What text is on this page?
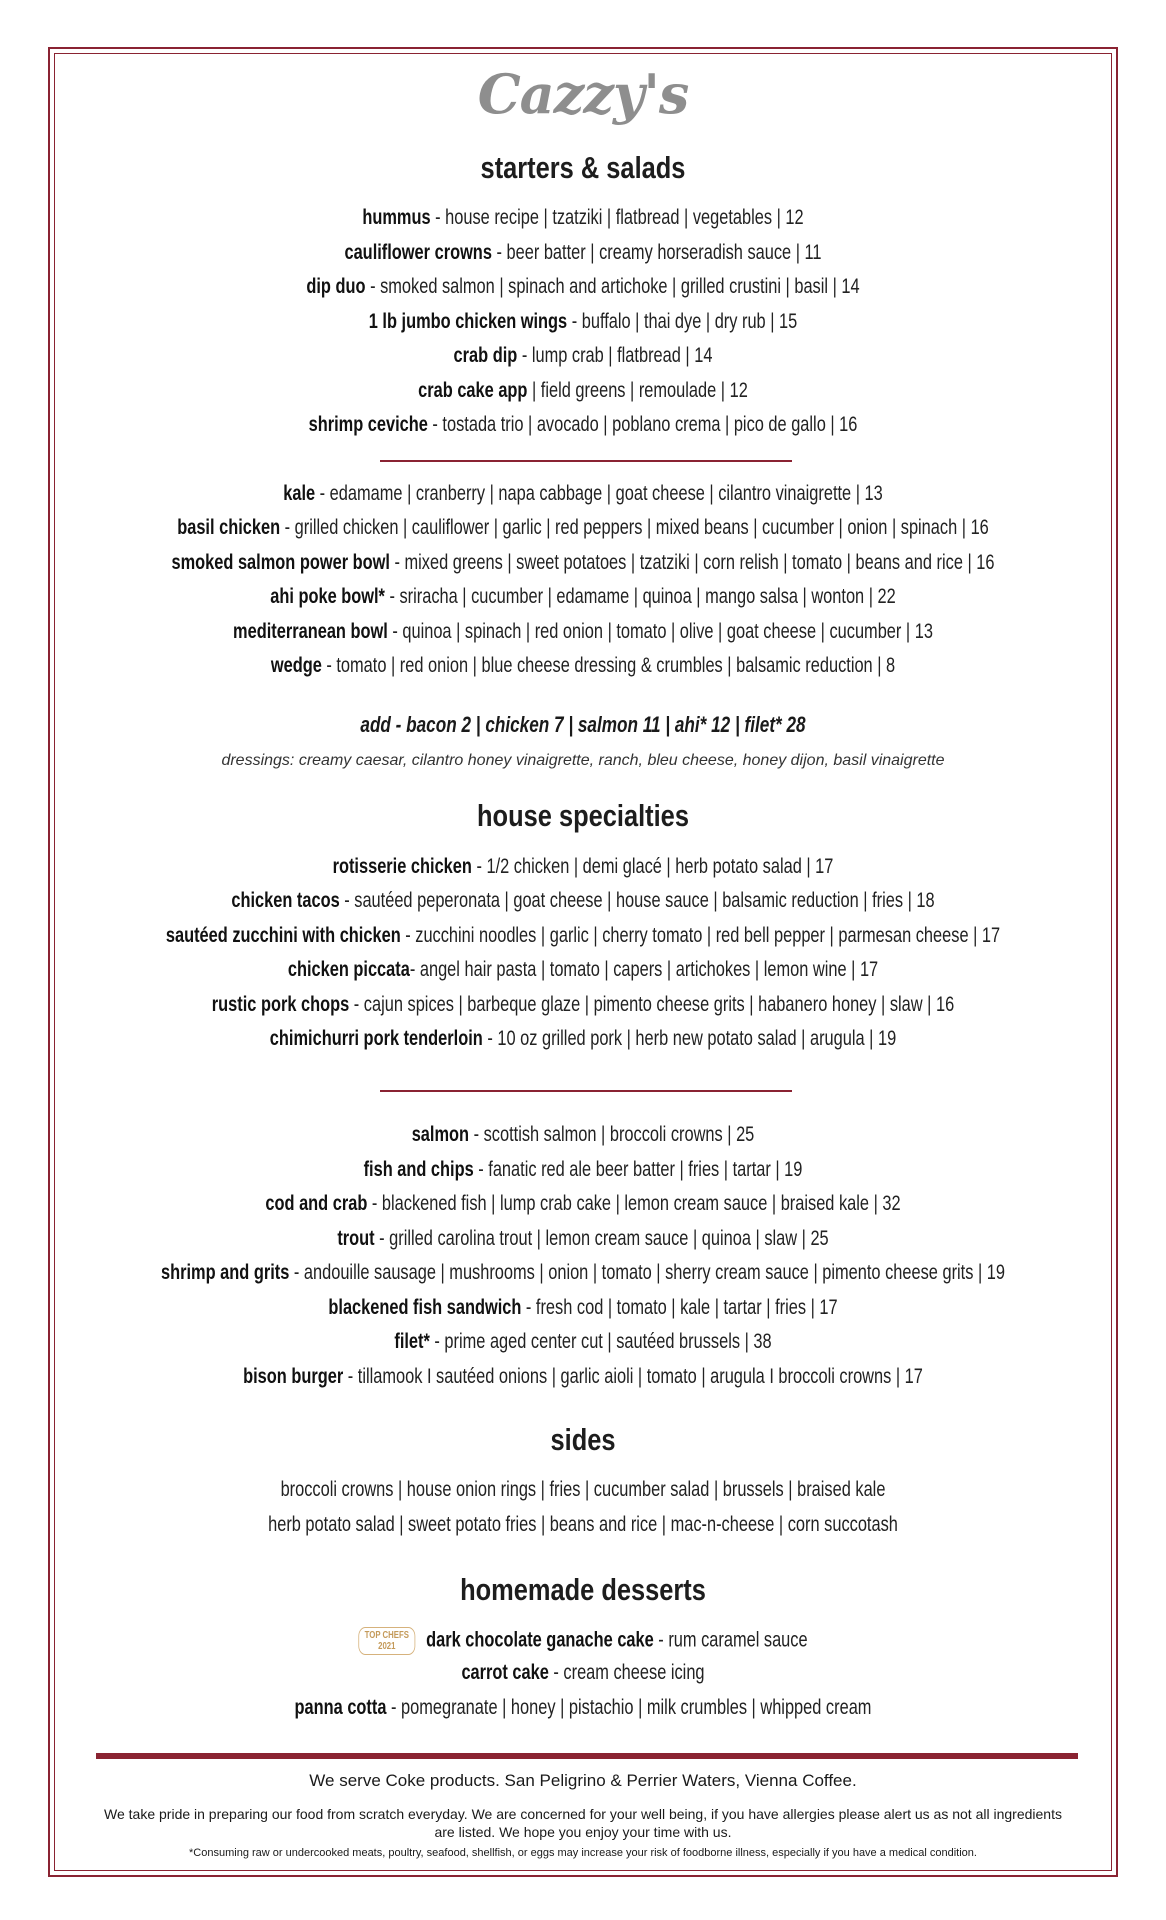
Cazzy's
starters & salads
hummus - house recipe | tzatziki | flatbread | vegetables | 12
cauliflower crowns - beer batter | creamy horseradish sauce | 11
dip duo - smoked salmon | spinach and artichoke | grilled crustini | basil | 14
1 lb jumbo chicken wings - buffalo | thai dye | dry rub | 15
crab dip - lump crab | flatbread | 14
crab cake app | field greens | remoulade | 12
shrimp ceviche - tostada trio | avocado | poblano crema | pico de gallo | 16
kale - edamame | cranberry | napa cabbage | goat cheese | cilantro vinaigrette | 13
basil chicken - grilled chicken | cauliflower | garlic | red peppers | mixed beans | cucumber | onion | spinach | 16
smoked salmon power bowl - mixed greens | sweet potatoes | tzatziki | corn relish | tomato | beans and rice | 16
ahi poke bowl* - sriracha | cucumber | edamame | quinoa | mango salsa | wonton | 22
mediterranean bowl - quinoa | spinach | red onion | tomato | olive | goat cheese | cucumber | 13
wedge - tomato | red onion | blue cheese dressing & crumbles | balsamic reduction | 8
add - bacon 2 | chicken 7 | salmon 11 | ahi* 12 | filet* 28
dressings: creamy caesar, cilantro honey vinaigrette, ranch, bleu cheese, honey dijon, basil vinaigrette
house specialties
rotisserie chicken - 1/2 chicken | demi glacé | herb potato salad | 17
chicken tacos - sautéed peperonata | goat cheese | house sauce | balsamic reduction | fries | 18
sautéed zucchini with chicken - zucchini noodles | garlic | cherry tomato | red bell pepper | parmesan cheese | 17
chicken piccata- angel hair pasta | tomato | capers | artichokes | lemon wine | 17
rustic pork chops - cajun spices | barbeque glaze | pimento cheese grits | habanero honey | slaw | 16
chimichurri pork tenderloin - 10 oz grilled pork | herb new potato salad | arugula | 19
salmon - scottish salmon | broccoli crowns | 25
fish and chips - fanatic red ale beer batter | fries | tartar | 19
cod and crab - blackened fish | lump crab cake | lemon cream sauce | braised kale | 32
trout - grilled carolina trout | lemon cream sauce | quinoa | slaw | 25
shrimp and grits - andouille sausage | mushrooms | onion | tomato | sherry cream sauce | pimento cheese grits | 19
blackened fish sandwich - fresh cod | tomato | kale | tartar | fries | 17
filet* - prime aged center cut | sautéed brussels | 38
bison burger - tillamook I sautéed onions | garlic aioli | tomato | arugula I broccoli crowns | 17
sides
broccoli crowns | house onion rings | fries | cucumber salad | brussels | braised kale
herb potato salad | sweet potato fries | beans and rice | mac-n-cheese | corn succotash
homemade desserts
TOP CHEFS
2021 dark chocolate ganache cake - rum caramel sauce
carrot cake - cream cheese icing
panna cotta - pomegranate | honey | pistachio | milk crumbles | whipped cream
We serve Coke products. San Peligrino & Perrier Waters, Vienna Coffee.
We take pride in preparing our food from scratch everyday. We are concerned for your well being, if you have allergies please alert us as not all ingredients are listed. We hope you enjoy your time with us.
*Consuming raw or undercooked meats, poultry, seafood, shellfish, or eggs may increase your risk of foodborne illness, especially if you have a medical condition.
